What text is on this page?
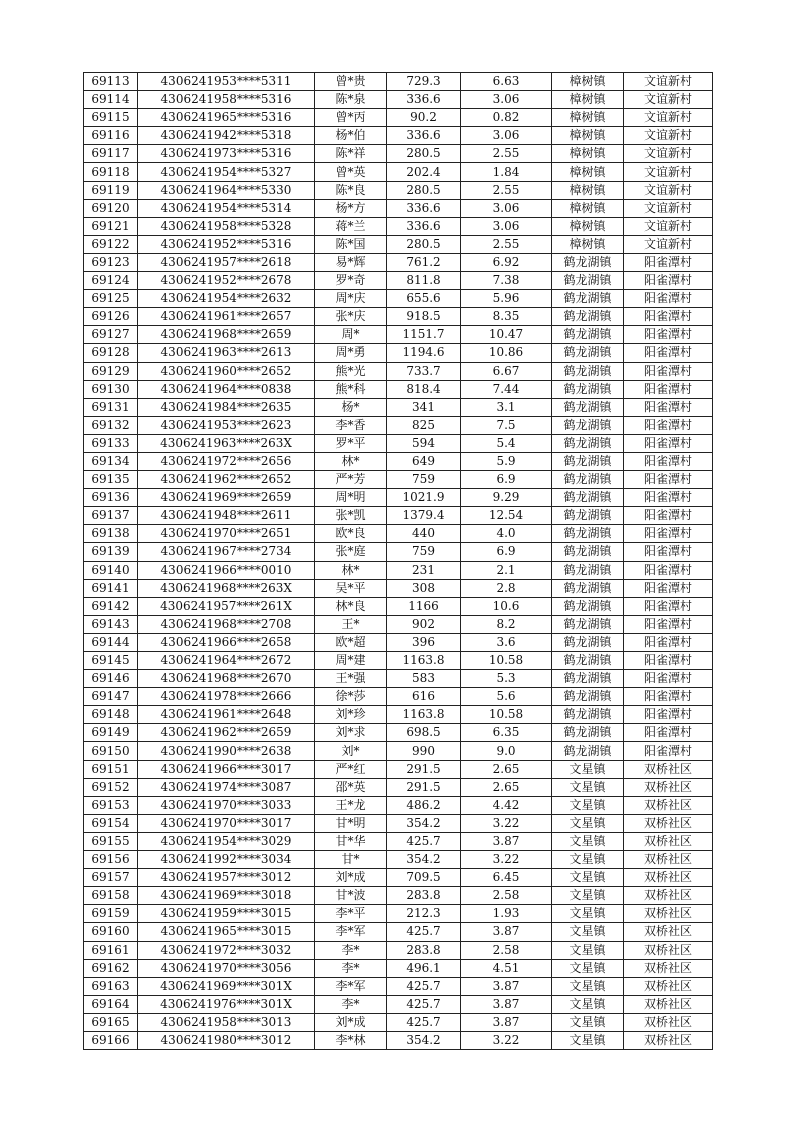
69113	4306241953****5311	曾*贵	729.3	6.63	樟树镇	文谊新村
69114	4306241958****5316	陈*泉	336.6	3.06	樟树镇	文谊新村
69115	4306241965****5316	曾*丙	90.2	0.82	樟树镇	文谊新村
69116	4306241942****5318	杨*伯	336.6	3.06	樟树镇	文谊新村
69117	4306241973****5316	陈*祥	280.5	2.55	樟树镇	文谊新村
69118	4306241954****5327	曾*英	202.4	1.84	樟树镇	文谊新村
69119	4306241964****5330	陈*良	280.5	2.55	樟树镇	文谊新村
69120	4306241954****5314	杨*方	336.6	3.06	樟树镇	文谊新村
69121	4306241958****5328	蒋*兰	336.6	3.06	樟树镇	文谊新村
69122	4306241952****5316	陈*国	280.5	2.55	樟树镇	文谊新村
69123	4306241957****2618	易*辉	761.2	6.92	鹤龙湖镇	阳雀潭村
69124	4306241952****2678	罗*奇	811.8	7.38	鹤龙湖镇	阳雀潭村
69125	4306241954****2632	周*庆	655.6	5.96	鹤龙湖镇	阳雀潭村
69126	4306241961****2657	张*庆	918.5	8.35	鹤龙湖镇	阳雀潭村
69127	4306241968****2659	周*	1151.7	10.47	鹤龙湖镇	阳雀潭村
69128	4306241963****2613	周*勇	1194.6	10.86	鹤龙湖镇	阳雀潭村
69129	4306241960****2652	熊*光	733.7	6.67	鹤龙湖镇	阳雀潭村
69130	4306241964****0838	熊*科	818.4	7.44	鹤龙湖镇	阳雀潭村
69131	4306241984****2635	杨*	341	3.1	鹤龙湖镇	阳雀潭村
69132	4306241953****2623	李*香	825	7.5	鹤龙湖镇	阳雀潭村
69133	4306241963****263X	罗*平	594	5.4	鹤龙湖镇	阳雀潭村
69134	4306241972****2656	林*	649	5.9	鹤龙湖镇	阳雀潭村
69135	4306241962****2652	严*芳	759	6.9	鹤龙湖镇	阳雀潭村
69136	4306241969****2659	周*明	1021.9	9.29	鹤龙湖镇	阳雀潭村
69137	4306241948****2611	张*凯	1379.4	12.54	鹤龙湖镇	阳雀潭村
69138	4306241970****2651	欧*良	440	4.0	鹤龙湖镇	阳雀潭村
69139	4306241967****2734	张*庭	759	6.9	鹤龙湖镇	阳雀潭村
69140	4306241966****0010	林*	231	2.1	鹤龙湖镇	阳雀潭村
69141	4306241968****263X	吴*平	308	2.8	鹤龙湖镇	阳雀潭村
69142	4306241957****261X	林*良	1166	10.6	鹤龙湖镇	阳雀潭村
69143	4306241968****2708	王*	902	8.2	鹤龙湖镇	阳雀潭村
69144	4306241966****2658	欧*超	396	3.6	鹤龙湖镇	阳雀潭村
69145	4306241964****2672	周*建	1163.8	10.58	鹤龙湖镇	阳雀潭村
69146	4306241968****2670	王*强	583	5.3	鹤龙湖镇	阳雀潭村
69147	4306241978****2666	徐*莎	616	5.6	鹤龙湖镇	阳雀潭村
69148	4306241961****2648	刘*珍	1163.8	10.58	鹤龙湖镇	阳雀潭村
69149	4306241962****2659	刘*求	698.5	6.35	鹤龙湖镇	阳雀潭村
69150	4306241990****2638	刘*	990	9.0	鹤龙湖镇	阳雀潭村
69151	4306241966****3017	严*红	291.5	2.65	文星镇	双桥社区
69152	4306241974****3087	邵*英	291.5	2.65	文星镇	双桥社区
69153	4306241970****3033	王*龙	486.2	4.42	文星镇	双桥社区
69154	4306241970****3017	甘*明	354.2	3.22	文星镇	双桥社区
69155	4306241954****3029	甘*华	425.7	3.87	文星镇	双桥社区
69156	4306241992****3034	甘*	354.2	3.22	文星镇	双桥社区
69157	4306241957****3012	刘*成	709.5	6.45	文星镇	双桥社区
69158	4306241969****3018	甘*波	283.8	2.58	文星镇	双桥社区
69159	4306241959****3015	李*平	212.3	1.93	文星镇	双桥社区
69160	4306241965****3015	李*军	425.7	3.87	文星镇	双桥社区
69161	4306241972****3032	李*	283.8	2.58	文星镇	双桥社区
69162	4306241970****3056	李*	496.1	4.51	文星镇	双桥社区
69163	4306241969****301X	李*军	425.7	3.87	文星镇	双桥社区
69164	4306241976****301X	李*	425.7	3.87	文星镇	双桥社区
69165	4306241958****3013	刘*成	425.7	3.87	文星镇	双桥社区
69166	4306241980****3012	李*林	354.2	3.22	文星镇	双桥社区
